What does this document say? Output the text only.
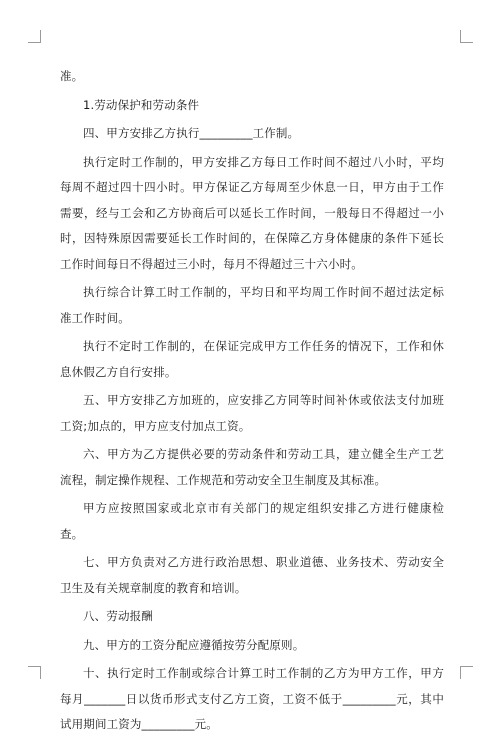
准。

1.劳动保护和劳动条件

四、甲方安排乙方执行_________工作制。

执行定时工作制的，甲方安排乙方每日工作时间不超过八小时，平均每周不超过四十四小时。甲方保证乙方每周至少休息一日，甲方由于工作需要，经与工会和乙方协商后可以延长工作时间，一般每日不得超过一小时，因特殊原因需要延长工作时间的，在保障乙方身体健康的条件下延长工作时间每日不得超过三小时，每月不得超过三十六小时。

执行综合计算工时工作制的，平均日和平均周工作时间不超过法定标准工作时间。

执行不定时工作制的，在保证完成甲方工作任务的情况下，工作和休息休假乙方自行安排。

五、甲方安排乙方加班的，应安排乙方同等时间补休或依法支付加班工资;加点的，甲方应支付加点工资。

六、甲方为乙方提供必要的劳动条件和劳动工具，建立健全生产工艺流程，制定操作规程、工作规范和劳动安全卫生制度及其标准。

甲方应按照国家或北京市有关部门的规定组织安排乙方进行健康检查。

七、甲方负责对乙方进行政治思想、职业道德、业务技术、劳动安全卫生及有关规章制度的教育和培训。

八、劳动报酬

九、甲方的工资分配应遵循按劳分配原则。

十、执行定时工作制或综合计算工时工作制的乙方为甲方工作，甲方每月_______日以货币形式支付乙方工资，工资不低于_________元，其中试用期间工资为_________元。
